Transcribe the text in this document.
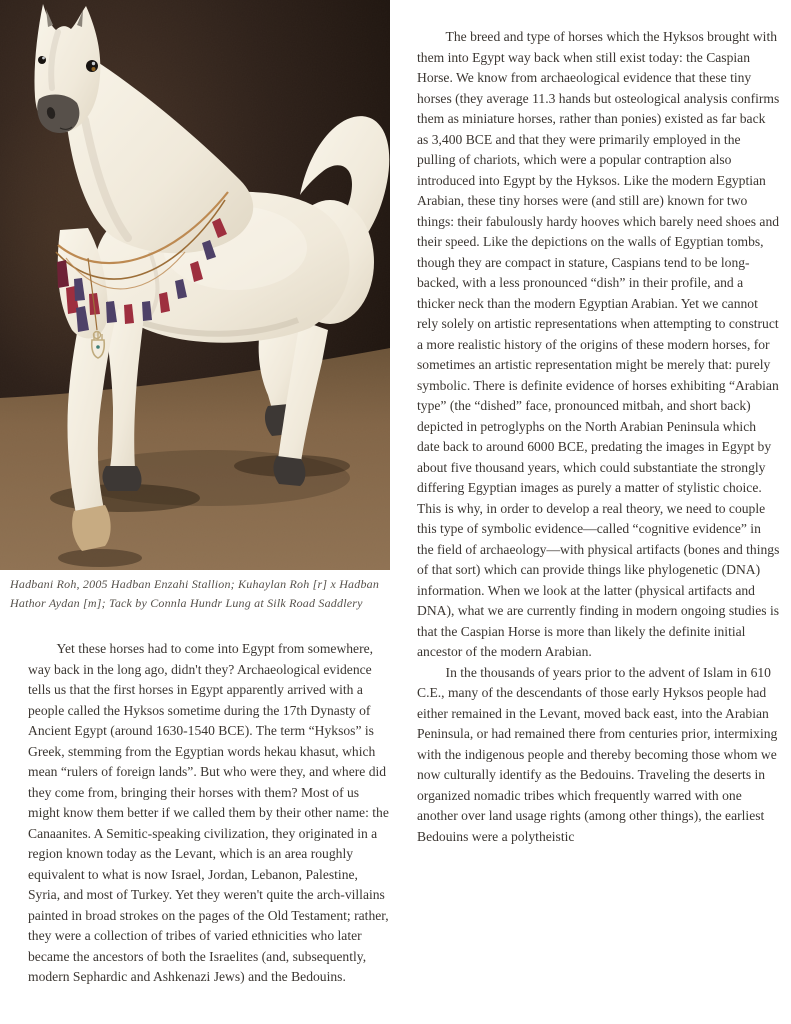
Hadbani Roh, 2005 Hadban Enzahi Stallion; Kuhaylan Roh [r] x Hadban Hathor Aydan [m]; Tack by Connla Hundr Lung at Silk Road Saddlery

Yet these horses had to come into Egypt from somewhere, way back in the long ago, didn't they? Archaeological evidence tells us that the first horses in Egypt apparently arrived with a people called the Hyksos sometime during the 17th Dynasty of Ancient Egypt (around 1630-1540 BCE). The term “Hyksos” is Greek, stemming from the Egyptian words hekau khasut, which mean “rulers of foreign lands”. But who were they, and where did they come from, bringing their horses with them? Most of us might know them better if we called them by their other name: the Canaanites. A Semitic-speaking civilization, they originated in a region known today as the Levant, which is an area roughly equivalent to what is now Israel, Jordan, Lebanon, Palestine, Syria, and most of Turkey. Yet they weren't quite the arch-villains painted in broad strokes on the pages of the Old Testament; rather, they were a collection of tribes of varied ethnicities who later became the ancestors of both the Israelites (and, subsequently, modern Sephardic and Ashkenazi Jews) and the Bedouins.

The breed and type of horses which the Hyksos brought with them into Egypt way back when still exist today: the Caspian Horse. We know from archaeological evidence that these tiny horses (they average 11.3 hands but osteological analysis confirms them as miniature horses, rather than ponies) existed as far back as 3,400 BCE and that they were primarily employed in the pulling of chariots, which were a popular contraption also introduced into Egypt by the Hyksos. Like the modern Egyptian Arabian, these tiny horses were (and still are) known for two things: their fabulously hardy hooves which barely need shoes and their speed. Like the depictions on the walls of Egyptian tombs, though they are compact in stature, Caspians tend to be long-backed, with a less pronounced “dish” in their profile, and a thicker neck than the modern Egyptian Arabian. Yet we cannot rely solely on artistic representations when attempting to construct a more realistic history of the origins of these modern horses, for sometimes an artistic representation might be merely that: purely symbolic. There is definite evidence of horses exhibiting “Arabian type” (the “dished” face, pronounced mitbah, and short back) depicted in petroglyphs on the North Arabian Peninsula which date back to around 6000 BCE, predating the images in Egypt by about five thousand years, which could substantiate the strongly differing Egyptian images as purely a matter of stylistic choice. This is why, in order to develop a real theory, we need to couple this type of symbolic evidence—called “cognitive evidence” in the field of archaeology—with physical artifacts (bones and things of that sort) which can provide things like phylogenetic (DNA) information. When we look at the latter (physical artifacts and DNA), what we are currently finding in modern ongoing studies is that the Caspian Horse is more than likely the definite initial ancestor of the modern Arabian.

In the thousands of years prior to the advent of Islam in 610 C.E., many of the descendants of those early Hyksos people had either remained in the Levant, moved back east, into the Arabian Peninsula, or had remained there from centuries prior, intermixing with the indigenous people and thereby becoming those whom we now culturally identify as the Bedouins. Traveling the deserts in organized nomadic tribes which frequently warred with one another over land usage rights (among other things), the earliest Bedouins were a polytheistic
